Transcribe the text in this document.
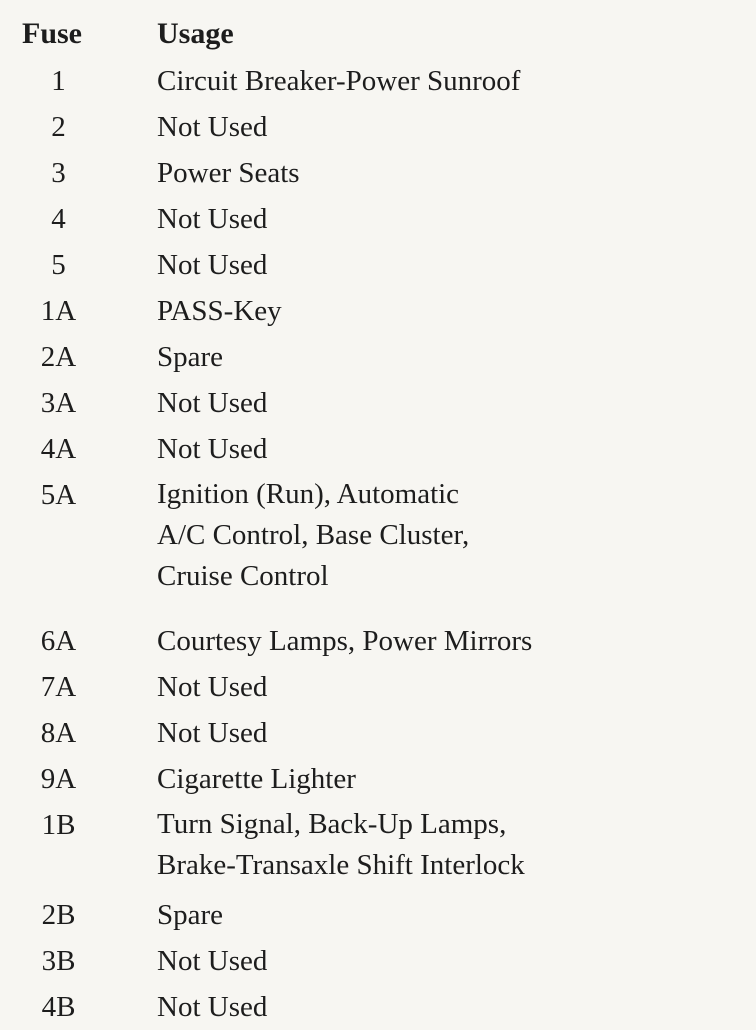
Fuse	Usage
1	Circuit Breaker-Power Sunroof
2	Not Used
3	Power Seats
4	Not Used
5	Not Used
1A	PASS-Key
2A	Spare
3A	Not Used
4A	Not Used
5A	Ignition (Run), Automatic
A/C Control, Base Cluster,
Cruise Control
6A	Courtesy Lamps, Power Mirrors
7A	Not Used
8A	Not Used
9A	Cigarette Lighter
1B	Turn Signal, Back-Up Lamps,
Brake-Transaxle Shift Interlock
2B	Spare
3B	Not Used
4B	Not Used
